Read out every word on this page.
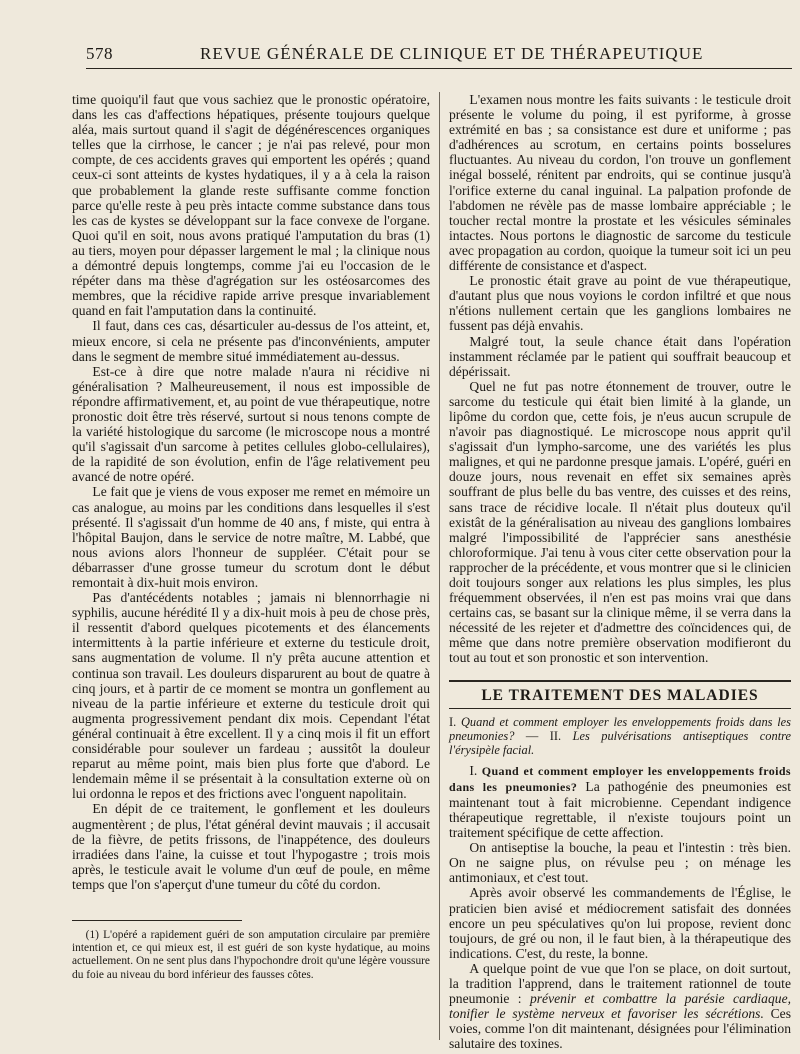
578	REVUE GÉNÉRALE DE CLINIQUE ET DE THÉRAPEUTIQUE

time quoiqu'il faut que vous sachiez que le pronostic opératoire, dans les cas d'affections hépatiques, présente toujours quelque aléa, mais surtout quand il s'agit de dégénérescences organiques telles que la cirrhose, le cancer ; je n'ai pas relevé, pour mon compte, de ces accidents graves qui emportent les opérés ; quand ceux-ci sont atteints de kystes hydatiques, il y a à cela la raison que probablement la glande reste suffisante comme fonction parce qu'elle reste à peu près intacte comme substance dans tous les cas de kystes se développant sur la face convexe de l'organe. Quoi qu'il en soit, nous avons pratiqué l'amputation du bras (1) au tiers, moyen pour dépasser largement le mal ; la clinique nous a démontré depuis longtemps, comme j'ai eu l'occasion de le répéter dans ma thèse d'agrégation sur les ostéosarcomes des membres, que la récidive rapide arrive presque invariablement quand en fait l'amputation dans la continuité.

Il faut, dans ces cas, désarticuler au-dessus de l'os atteint, et, mieux encore, si cela ne présente pas d'inconvénients, amputer dans le segment de membre situé immédiatement au-dessus.

Est-ce à dire que notre malade n'aura ni récidive ni généralisation ? Malheureusement, il nous est impossible de répondre affirmativement, et, au point de vue thérapeutique, notre pronostic doit être très réservé, surtout si nous tenons compte de la variété histologique du sarcome (le microscope nous a montré qu'il s'agissait d'un sarcome à petites cellules globo-cellulaires), de la rapidité de son évolution, enfin de l'âge relativement peu avancé de notre opéré.

Le fait que je viens de vous exposer me remet en mémoire un cas analogue, au moins par les conditions dans lesquelles il s'est présenté. Il s'agissait d'un homme de 40 ans, f miste, qui entra à l'hôpital Baujon, dans le service de notre maître, M. Labbé, que nous avions alors l'honneur de suppléer. C'était pour se débarrasser d'une grosse tumeur du scrotum dont le début remontait à dix-huit mois environ.

Pas d'antécédents notables ; jamais ni blennorrhagie ni syphilis, aucune hérédité Il y a dix-huit mois à peu de chose près, il ressentit d'abord quelques picotements et des élancements intermittents à la partie inférieure et externe du testicule droit, sans augmentation de volume. Il n'y prêta aucune attention et continua son travail. Les douleurs disparurent au bout de quatre à cinq jours, et à partir de ce moment se montra un gonflement au niveau de la partie inférieure et externe du testicule droit qui augmenta progressivement pendant dix mois. Cependant l'état général continuait à être excellent. Il y a cinq mois il fit un effort considérable pour soulever un fardeau ; aussitôt la douleur reparut au même point, mais bien plus forte que d'abord. Le lendemain même il se présentait à la consultation externe où on lui ordonna le repos et des frictions avec l'onguent napolitain.

En dépit de ce traitement, le gonflement et les douleurs augmentèrent ; de plus, l'état général devint mauvais ; il accusait de la fièvre, de petits frissons, de l'inappétence, des douleurs irradiées dans l'aine, la cuisse et tout l'hypogastre ; trois mois après, le testicule avait le volume d'un œuf de poule, en même temps que l'on s'aperçut d'une tumeur du côté du cordon.

(1) L'opéré a rapidement guéri de son amputation circulaire par première intention et, ce qui mieux est, il est guéri de son kyste hydatique, au moins actuellement. On ne sent plus dans l'hypochondre droit qu'une légère voussure du foie au niveau du bord inférieur des fausses côtes.

L'examen nous montre les faits suivants : le testicule droit présente le volume du poing, il est pyriforme, à grosse extrémité en bas ; sa consistance est dure et uniforme ; pas d'adhérences au scrotum, en certains points bosselures fluctuantes. Au niveau du cordon, l'on trouve un gonflement inégal bosselé, rénitent par endroits, qui se continue jusqu'à l'orifice externe du canal inguinal. La palpation profonde de l'abdomen ne révèle pas de masse lombaire appréciable ; le toucher rectal montre la prostate et les vésicules séminales intactes. Nous portons le diagnostic de sarcome du testicule avec propagation au cordon, quoique la tumeur soit ici un peu différente de consistance et d'aspect.

Le pronostic était grave au point de vue thérapeutique, d'autant plus que nous voyions le cordon infiltré et que nous n'étions nullement certain que les ganglions lombaires ne fussent pas déjà envahis.

Malgré tout, la seule chance était dans l'opération instamment réclamée par le patient qui souffrait beaucoup et dépérissait.

Quel ne fut pas notre étonnement de trouver, outre le sarcome du testicule qui était bien limité à la glande, un lipôme du cordon que, cette fois, je n'eus aucun scrupule de n'avoir pas diagnostiqué. Le microscope nous apprit qu'il s'agissait d'un lympho-sarcome, une des variétés les plus malignes, et qui ne pardonne presque jamais. L'opéré, guéri en douze jours, nous revenait en effet six semaines après souffrant de plus belle du bas ventre, des cuisses et des reins, sans trace de récidive locale. Il n'était plus douteux qu'il existât de la généralisation au niveau des ganglions lombaires malgré l'impossibilité de l'apprécier sans anesthésie chloroformique. J'ai tenu à vous citer cette observation pour la rapprocher de la précédente, et vous montrer que si le clinicien doit toujours songer aux relations les plus simples, les plus fréquemment observées, il n'en est pas moins vrai que dans certains cas, se basant sur la clinique même, il se verra dans la nécessité de les rejeter et d'admettre des coïncidences qui, de même que dans notre première observation modifieront du tout au tout et son pronostic et son intervention.

LE TRAITEMENT DES MALADIES

I. Quand et comment employer les enveloppements froids dans les pneumonies? — II. Les pulvérisations antiseptiques contre l'érysipèle facial.

I. Quand et comment employer les enveloppements froids dans les pneumonies? La pathogénie des pneumonies est maintenant tout à fait microbienne. Cependant indigence thérapeutique regrettable, il n'existe toujours point un traitement spécifique de cette affection.

On antiseptise la bouche, la peau et l'intestin : très bien. On ne saigne plus, on révulse peu ; on ménage les antimoniaux, et c'est tout.

Après avoir observé les commandements de l'Église, le praticien bien avisé et médiocrement satisfait des données encore un peu spéculatives qu'on lui propose, revient donc toujours, de gré ou non, il le faut bien, à la thérapeutique des indications. C'est, du reste, la bonne.

A quelque point de vue que l'on se place, on doit surtout, la tradition l'apprend, dans le traitement rationnel de toute pneumonie : prévenir et combattre la parésie cardiaque, tonifier le système nerveux et favoriser les sécrétions. Ces voies, comme l'on dit maintenant, désignées pour l'élimination salutaire des toxines.
